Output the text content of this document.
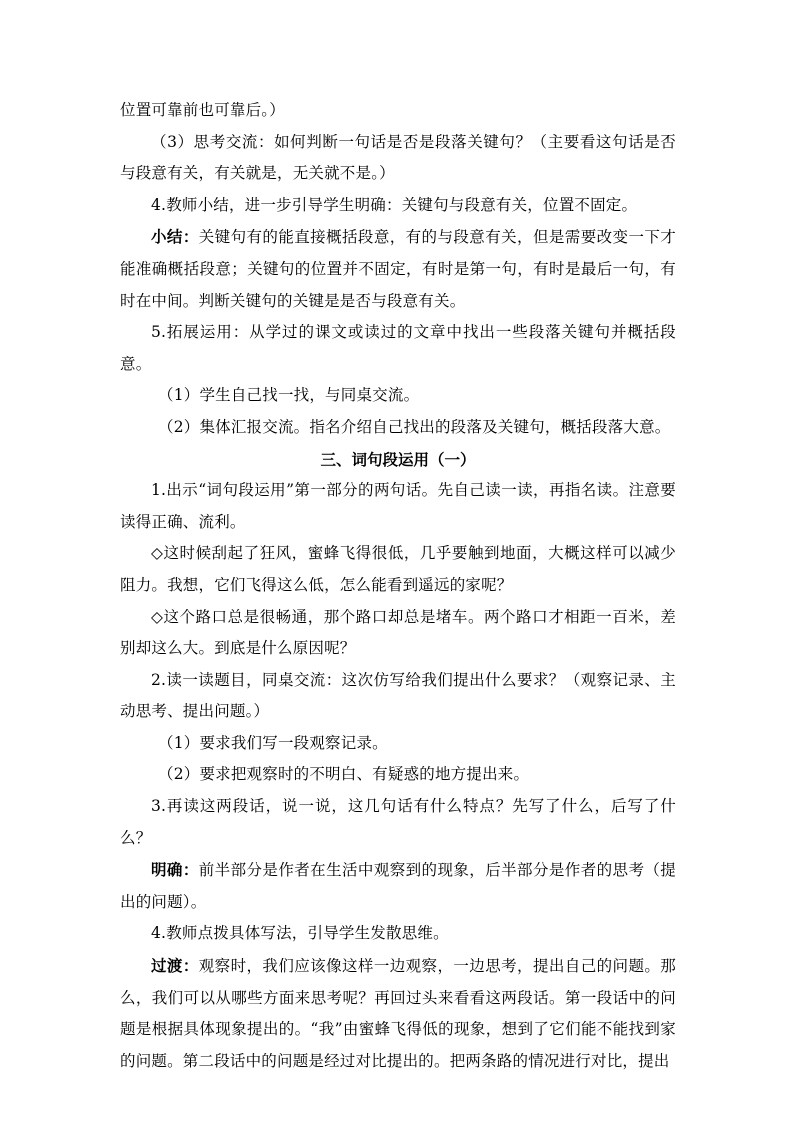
位置可靠前也可靠后。）

（3）思考交流：如何判断一句话是否是段落关键句？（主要看这句话是否与段意有关，有关就是，无关就不是。）

4.教师小结，进一步引导学生明确：关键句与段意有关，位置不固定。

小结：关键句有的能直接概括段意，有的与段意有关，但是需要改变一下才能准确概括段意；关键句的位置并不固定，有时是第一句，有时是最后一句，有时在中间。判断关键句的关键是是否与段意有关。

5.拓展运用：从学过的课文或读过的文章中找出一些段落关键句并概括段意。

（1）学生自己找一找，与同桌交流。

（2）集体汇报交流。指名介绍自己找出的段落及关键句，概括段落大意。

三、词句段运用（一）

1.出示“词句段运用”第一部分的两句话。先自己读一读，再指名读。注意要读得正确、流利。

◇这时候刮起了狂风，蜜蜂飞得很低，几乎要触到地面，大概这样可以减少阻力。我想，它们飞得这么低，怎么能看到遥远的家呢？

◇这个路口总是很畅通，那个路口却总是堵车。两个路口才相距一百米，差别却这么大。到底是什么原因呢？

2.读一读题目，同桌交流：这次仿写给我们提出什么要求？（观察记录、主动思考、提出问题。）

（1）要求我们写一段观察记录。

（2）要求把观察时的不明白、有疑惑的地方提出来。

3.再读这两段话，说一说，这几句话有什么特点？先写了什么，后写了什么？

明确：前半部分是作者在生活中观察到的现象，后半部分是作者的思考（提出的问题）。

4.教师点拨具体写法，引导学生发散思维。

过渡：观察时，我们应该像这样一边观察，一边思考，提出自己的问题。那么，我们可以从哪些方面来思考呢？再回过头来看看这两段话。第一段话中的问题是根据具体现象提出的。“我”由蜜蜂飞得低的现象，想到了它们能不能找到家的问题。第二段话中的问题是经过对比提出的。把两条路的情况进行对比，提出
